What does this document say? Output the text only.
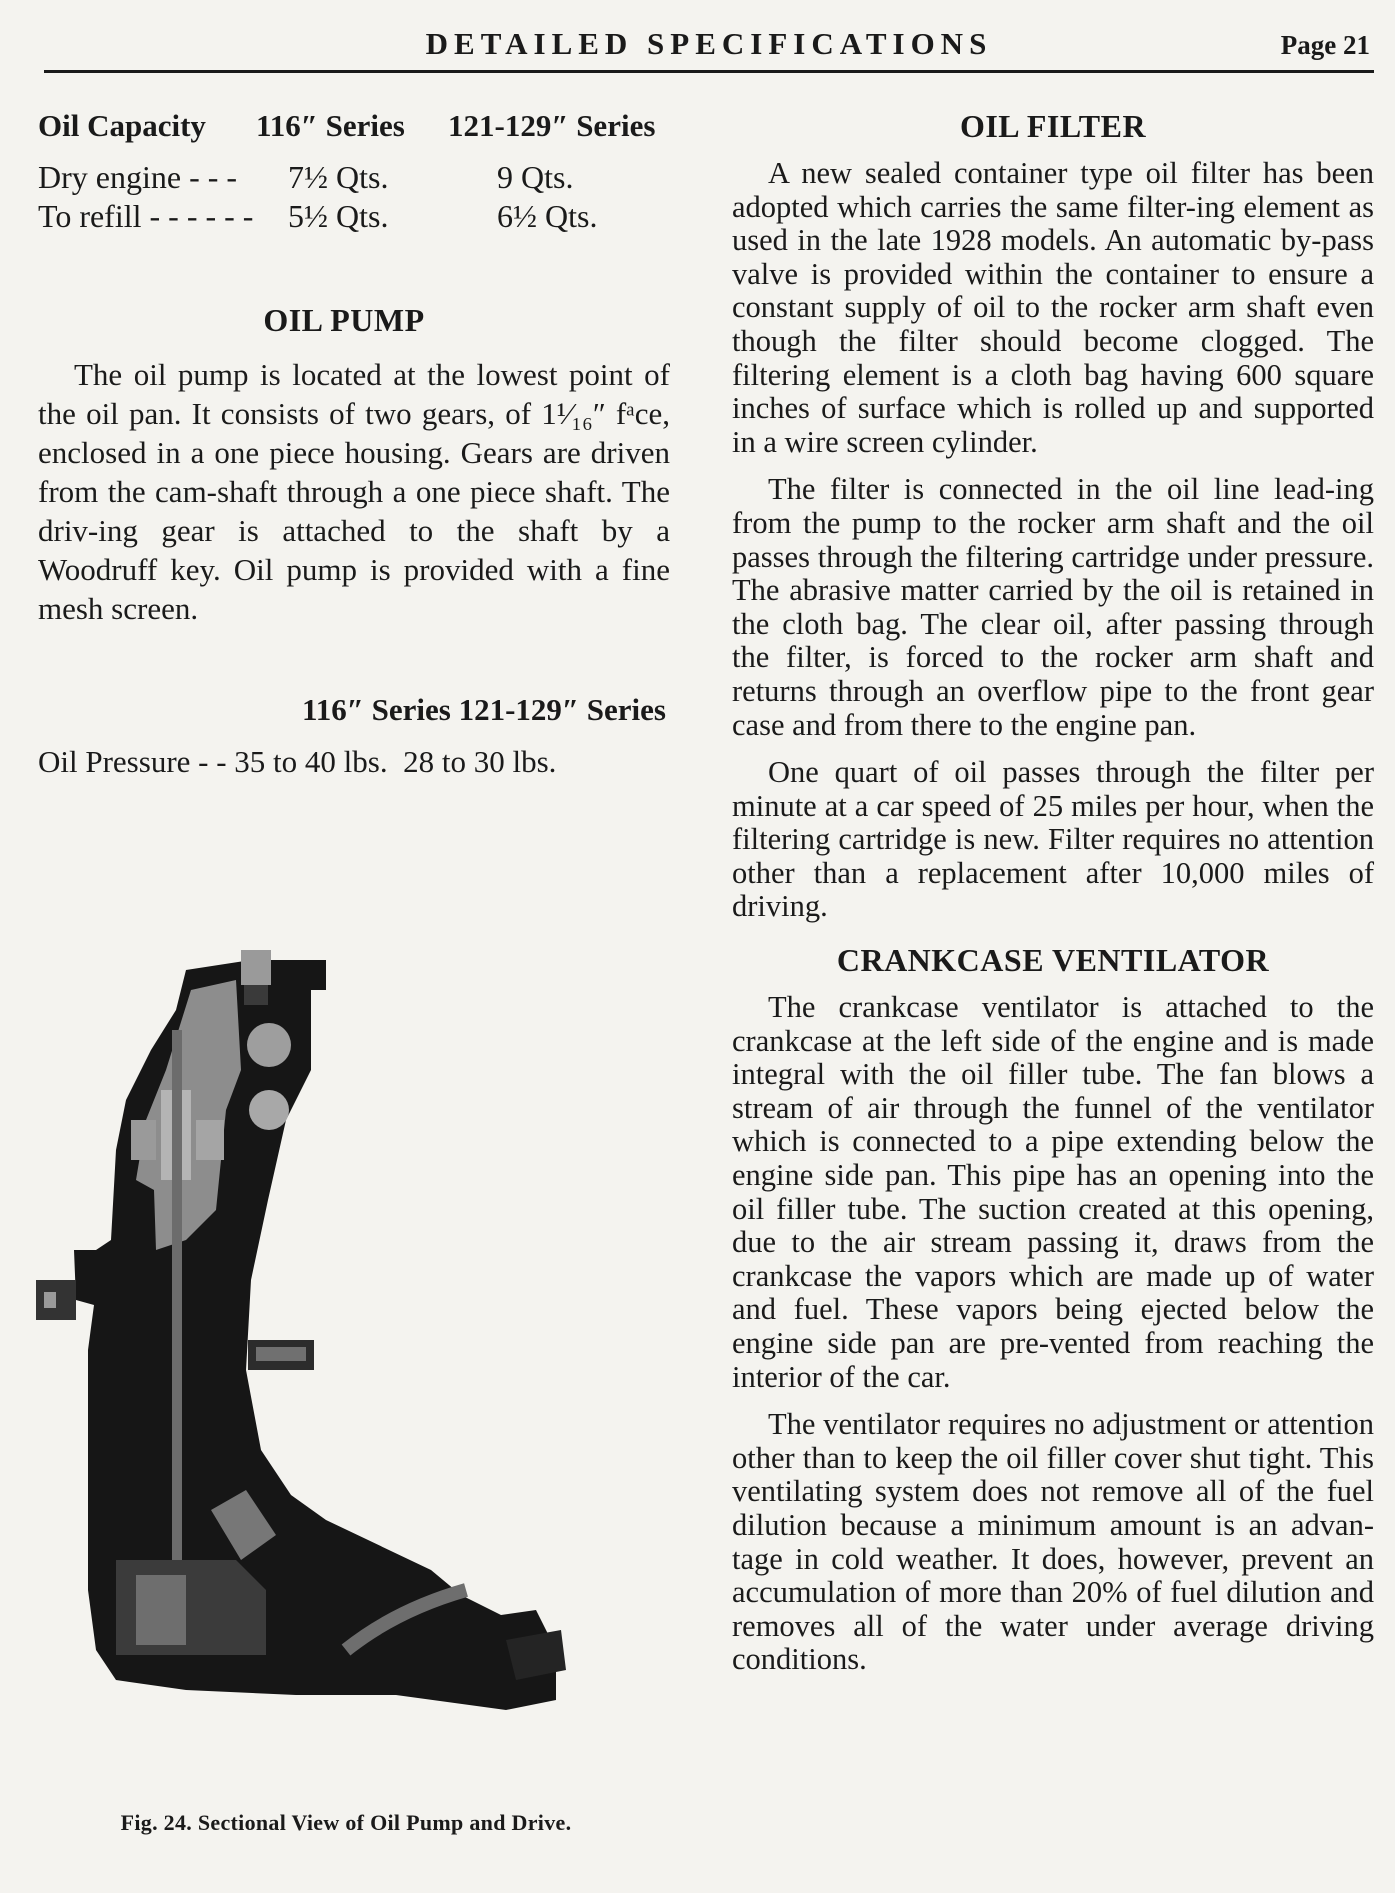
DETAILED SPECIFICATIONS	Page 21
Oil Capacity 116″ Series 121-129″ Series
Dry engine - - - 7½ Qts.	9 Qts.
To refill - - - - - - 5½ Qts.	6½ Qts.
OIL PUMP

The oil pump is located at the lowest point of the oil pan. It consists of two gears, of 1¹⁄₁₆″ fᵃce, enclosed in a one piece housing. Gears are driven from the cam-shaft through a one piece shaft. The driv-ing gear is attached to the shaft by a Woodruff key. Oil pump is provided with a fine mesh screen.

116″ Series 121-129″ Series
Oil Pressure - - 35 to 40 lbs. 28 to 30 lbs.
Fig. 24. Sectional View of Oil Pump and Drive.
OIL FILTER

A new sealed container type oil filter has been adopted which carries the same filter-ing element as used in the late 1928 models. An automatic by-pass valve is provided within the container to ensure a constant supply of oil to the rocker arm shaft even though the filter should become clogged. The filtering element is a cloth bag having 600 square inches of surface which is rolled up and supported in a wire screen cylinder.

The filter is connected in the oil line lead-ing from the pump to the rocker arm shaft and the oil passes through the filtering cartridge under pressure. The abrasive matter carried by the oil is retained in the cloth bag. The clear oil, after passing through the filter, is forced to the rocker arm shaft and returns through an overflow pipe to the front gear case and from there to the engine pan.

One quart of oil passes through the filter per minute at a car speed of 25 miles per hour, when the filtering cartridge is new. Filter requires no attention other than a replacement after 10,000 miles of driving.

CRANKCASE VENTILATOR

The crankcase ventilator is attached to the crankcase at the left side of the engine and is made integral with the oil filler tube. The fan blows a stream of air through the funnel of the ventilator which is connected to a pipe extending below the engine side pan. This pipe has an opening into the oil filler tube. The suction created at this opening, due to the air stream passing it, draws from the crankcase the vapors which are made up of water and fuel. These vapors being ejected below the engine side pan are pre-vented from reaching the interior of the car.

The ventilator requires no adjustment or attention other than to keep the oil filler cover shut tight. This ventilating system does not remove all of the fuel dilution because a minimum amount is an advan-tage in cold weather. It does, however, prevent an accumulation of more than 20% of fuel dilution and removes all of the water under average driving conditions.
